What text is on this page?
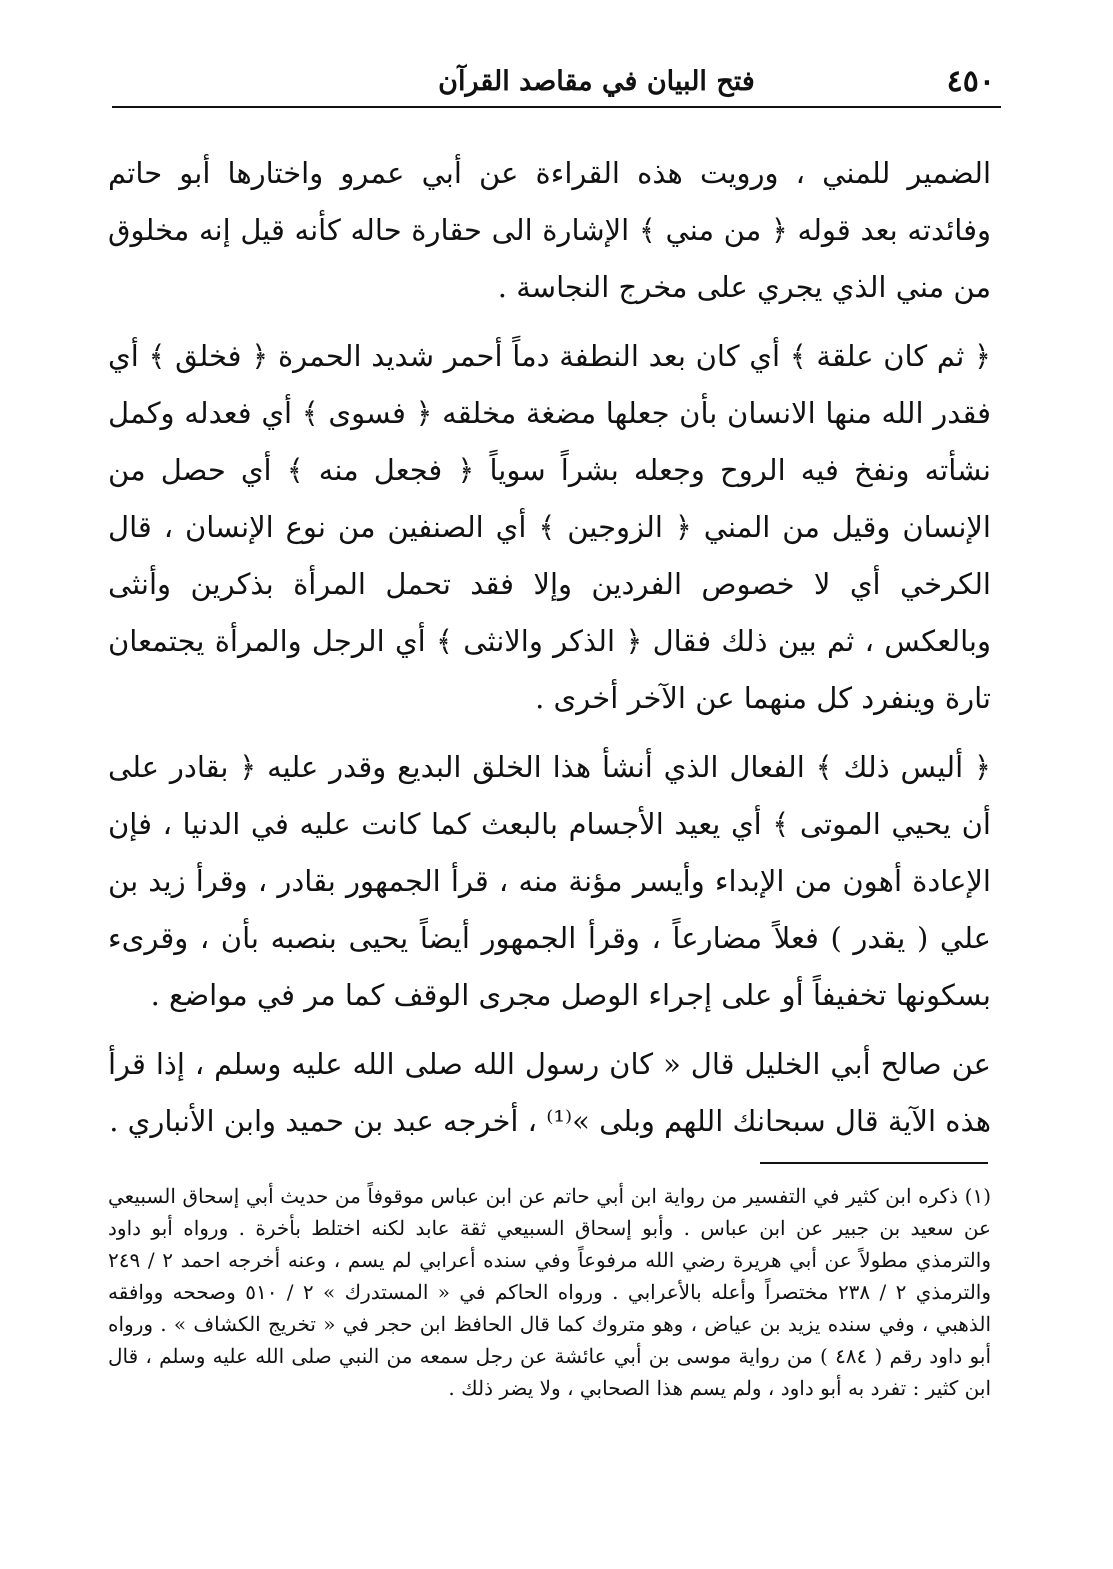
٤٥٠
فتح البيان في مقاصد القرآن

الضمير للمني ، ورويت هذه القراءة عن أبي عمرو واختارها أبو حاتم وفائدته بعد قوله ﴿ من مني ﴾ الإشارة الى حقارة حاله كأنه قيل إنه مخلوق من مني الذي يجري على مخرج النجاسة .

﴿ ثم كان علقة ﴾ أي كان بعد النطفة دماً أحمر شديد الحمرة ﴿ فخلق ﴾ أي فقدر الله منها الانسان بأن جعلها مضغة مخلقه ﴿ فسوى ﴾ أي فعدله وكمل نشأته ونفخ فيه الروح وجعله بشراً سوياً ﴿ فجعل منه ﴾ أي حصل من الإنسان وقيل من المني ﴿ الزوجين ﴾ أي الصنفين من نوع الإنسان ، قال الكرخي أي لا خصوص الفردين وإلا فقد تحمل المرأة بذكرين وأنثى وبالعكس ، ثم بين ذلك فقال ﴿ الذكر والانثى ﴾ أي الرجل والمرأة يجتمعان تارة وينفرد كل منهما عن الآخر أخرى .

﴿ أليس ذلك ﴾ الفعال الذي أنشأ هذا الخلق البديع وقدر عليه ﴿ بقادر على أن يحيي الموتى ﴾ أي يعيد الأجسام بالبعث كما كانت عليه في الدنيا ، فإن الإعادة أهون من الإبداء وأيسر مؤنة منه ، قرأ الجمهور بقادر ، وقرأ زيد بن علي ( يقدر ) فعلاً مضارعاً ، وقرأ الجمهور أيضاً يحيى بنصبه بأن ، وقرىء بسكونها تخفيفاً أو على إجراء الوصل مجرى الوقف كما مر في مواضع .

عن صالح أبي الخليل قال « كان رسول الله صلى الله عليه وسلم ، إذا قرأ هذه الآية قال سبحانك اللهم وبلى »⁽¹⁾ ، أخرجه عبد بن حميد وابن الأنباري .

(١) ذكره ابن كثير في التفسير من رواية ابن أبي حاتم عن ابن عباس موقوفاً من حديث أبي إسحاق السبيعي عن سعيد بن جبير عن ابن عباس . وأبو إسحاق السبيعي ثقة عابد لكنه اختلط بأخرة . ورواه أبو داود والترمذي مطولاً عن أبي هريرة رضي الله مرفوعاً وفي سنده أعرابي لم يسم ، وعنه أخرجه احمد ٢ / ٢٤٩ والترمذي ٢ / ٢٣٨ مختصراً وأعله بالأعرابي . ورواه الحاكم في « المستدرك » ٢ / ٥١٠ وصححه ووافقه الذهبي ، وفي سنده يزيد بن عياض ، وهو متروك كما قال الحافظ ابن حجر في « تخريج الكشاف » . ورواه أبو داود رقم ( ٤٨٤ ) من رواية موسى بن أبي عائشة عن رجل سمعه من النبي صلى الله عليه وسلم ، قال ابن كثير : تفرد به أبو داود ، ولم يسم هذا الصحابي ، ولا يضر ذلك .
